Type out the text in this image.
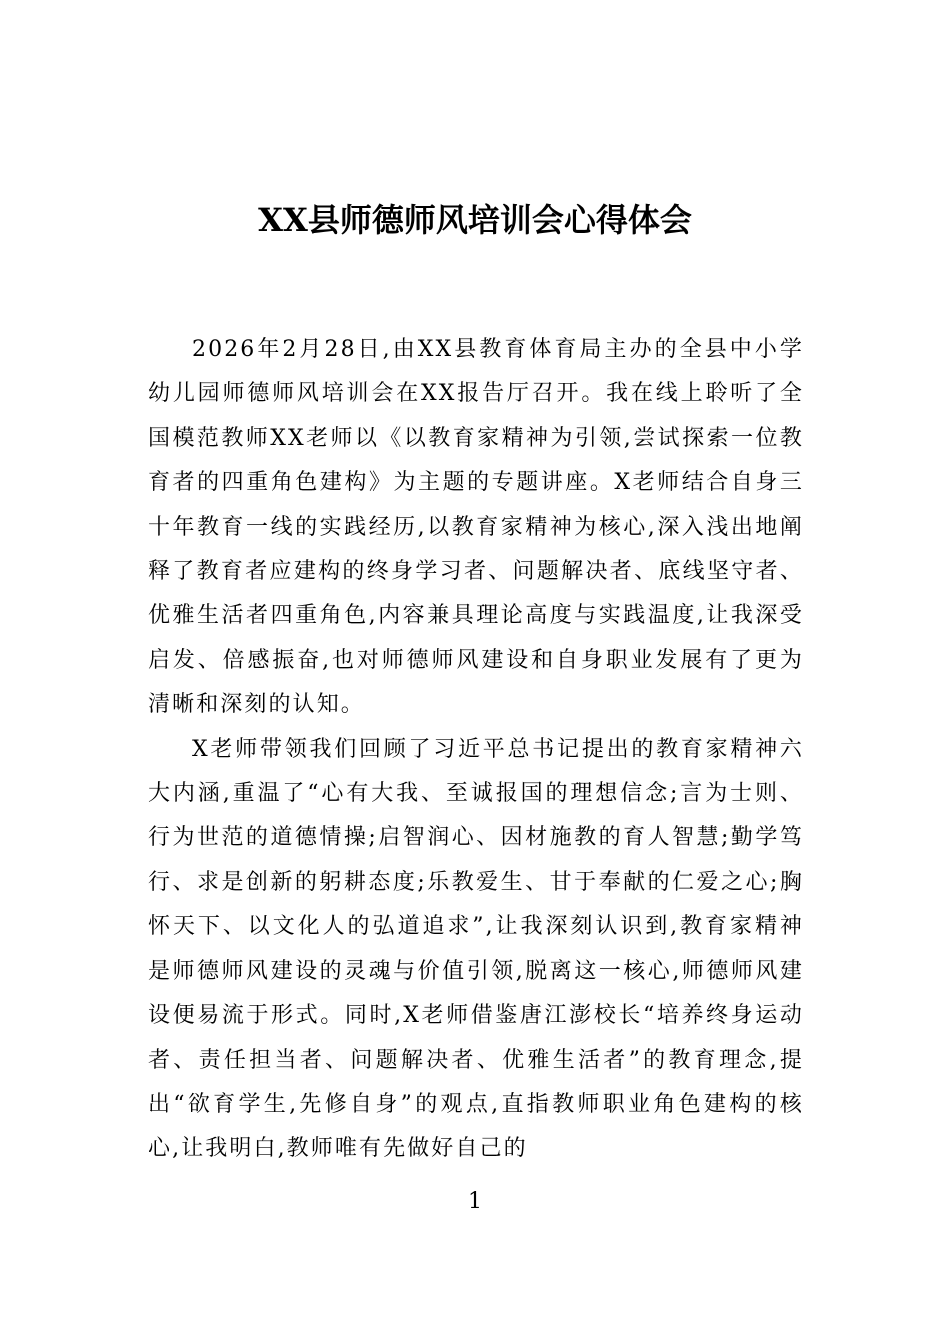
XX县师德师风培训会心得体会

2026年2月28日,由XX县教育体育局主办的全县中小学幼儿园师德师风培训会在XX报告厅召开。我在线上聆听了全国模范教师XX老师以《以教育家精神为引领,尝试探索一位教育者的四重角色建构》为主题的专题讲座。X老师结合自身三十年教育一线的实践经历,以教育家精神为核心,深入浅出地阐释了教育者应建构的终身学习者、问题解决者、底线坚守者、优雅生活者四重角色,内容兼具理论高度与实践温度,让我深受启发、倍感振奋,也对师德师风建设和自身职业发展有了更为清晰和深刻的认知。

X老师带领我们回顾了习近平总书记提出的教育家精神六大内涵,重温了“心有大我、至诚报国的理想信念;言为士则、行为世范的道德情操;启智润心、因材施教的育人智慧;勤学笃行、求是创新的躬耕态度;乐教爱生、甘于奉献的仁爱之心;胸怀天下、以文化人的弘道追求”,让我深刻认识到,教育家精神是师德师风建设的灵魂与价值引领,脱离这一核心,师德师风建设便易流于形式。同时,X老师借鉴唐江澎校长“培养终身运动者、责任担当者、问题解决者、优雅生活者”的教育理念,提出“欲育学生,先修自身”的观点,直指教师职业角色建构的核心,让我明白,教师唯有先做好自己的

1
